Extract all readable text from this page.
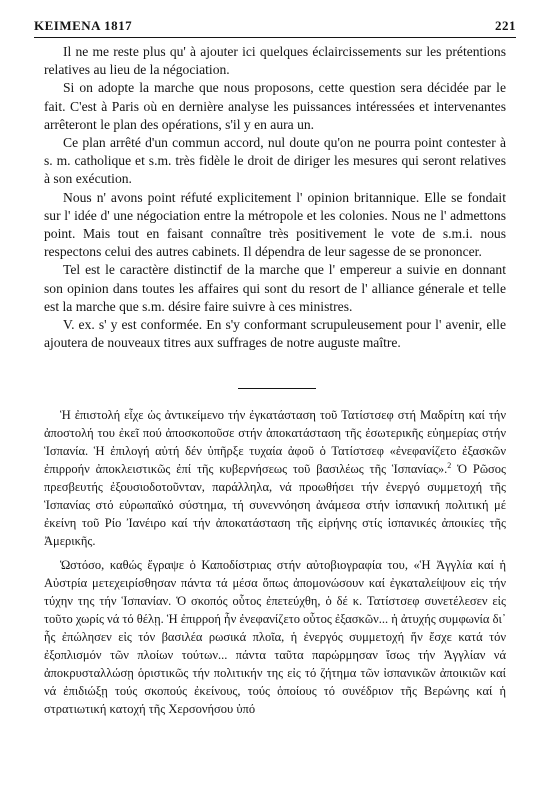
ΚΕΙΜΕΝΑ 1817	221

Il ne me reste plus qu' à ajouter ici quelques éclaircissements sur les prétentions relatives au lieu de la négociation.

Si on adopte la marche que nous proposons, cette question sera décidée par le fait. C'est à Paris où en dernière analyse les puissances intéressées et intervenantes arrêteront le plan des opérations, s'il y en aura un.

Ce plan arrêté d'un commun accord, nul doute qu'on ne pourra point contester à s. m. catholique et s.m. très fidèle le droit de diriger les mesures qui seront relatives à son exécution.

Nous n' avons point réfuté explicitement l' opinion britannique. Elle se fondait sur l' idée d' une négociation entre la métropole et les colonies. Nous ne l' admettons point. Mais tout en faisant connaître très positivement le vote de s.m.i. nous respectons celui des autres cabinets. Il dépendra de leur sagesse de se prononcer.

Tel est le caractère distinctif de la marche que l' empereur a suivie en donnant son opinion dans toutes les affaires qui sont du resort de l' alliance génerale et telle est la marche que s.m. désire faire suivre à ces ministres.

V. ex. s' y est conformée. En s'y conformant scrupuleusement pour l' avenir, elle ajoutera de nouveaux titres aux suffrages de notre auguste maître.

Ἡ ἐπιστολή εἶχε ὡς ἀντικείμενο τήν ἐγκατάσταση τοῦ Τατίστσεφ στή Μαδρίτη καί τήν ἀποστολή του ἐκεῖ πού ἀποσκοποῦσε στήν ἀποκατάσταση τῆς ἐσωτερικῆς εὐημερίας στήν Ἱσπανία. Ἡ ἐπιλογή αὐτή δέν ὑπῆρξε τυχαία ἀφοῦ ὁ Τατίστσεφ «ἐνεφανίζετο ἐξασκῶν ἐπιρροήν ἀποκλειστικῶς ἐπί τῆς κυβερνήσεως τοῦ βασιλέως τῆς Ἱσπανίας».$^2$ Ὁ Ρῶσος πρεσβευτής ἐξουσιοδοτοῦνταν, παράλληλα, νά προωθήσει τήν ἐνεργό συμμετοχή τῆς Ἱσπανίας στό εὐρωπαϊκό σύστημα, τή συνεννόηση ἀνάμεσα στήν ἰσπανική πολιτική μέ ἐκείνη τοῦ Ρίο Ἰανέιρο καί τήν ἀποκατάσταση τῆς εἰρήνης στίς ἰσπανικές ἀποικίες τῆς Ἀμερικῆς.

Ὡστόσο, καθώς ἔγραψε ὁ Καποδίστριας στήν αὐτοβιογραφία του, «Ἡ Ἀγγλία καί ἡ Αὐστρία μετεχειρίσθησαν πάντα τά μέσα ὅπως ἀπομονώσουν καί ἐγκαταλείψουν εἰς τήν τύχην της τήν Ἱσπανίαν. Ὁ σκοπός οὗτος ἐπετεύχθη, ὁ δέ κ. Τατίστσεφ συνετέλεσεν εἰς τοῦτο χωρίς νά τό θέλῃ. Ἡ ἐπιρροή ἦν ἐνεφανίζετο οὗτος ἐξασκῶν... ἡ ἀτυχής συμφωνία δι᾽ ἧς ἐπώλησεν εἰς τόν βασιλέα ρωσικά πλοῖα, ἡ ἐνεργός συμμετοχή ἥν ἔσχε κατά τόν ἐξοπλισμόν τῶν πλοίων τούτων... πάντα ταῦτα παρώρμησαν ἴσως τήν Ἀγγλίαν νά ἀποκρυσταλλώσῃ ὁριστικῶς τήν πολιτικήν της εἰς τό ζήτημα τῶν ἰσπανικῶν ἀποικιῶν καί νά ἐπιδιώξῃ τούς σκοπούς ἐκείνους, τούς ὁποίους τό συνέδριον τῆς Βερώνης καί ἡ στρατιωτική κατοχή τῆς Χερσονήσου ὑπό
